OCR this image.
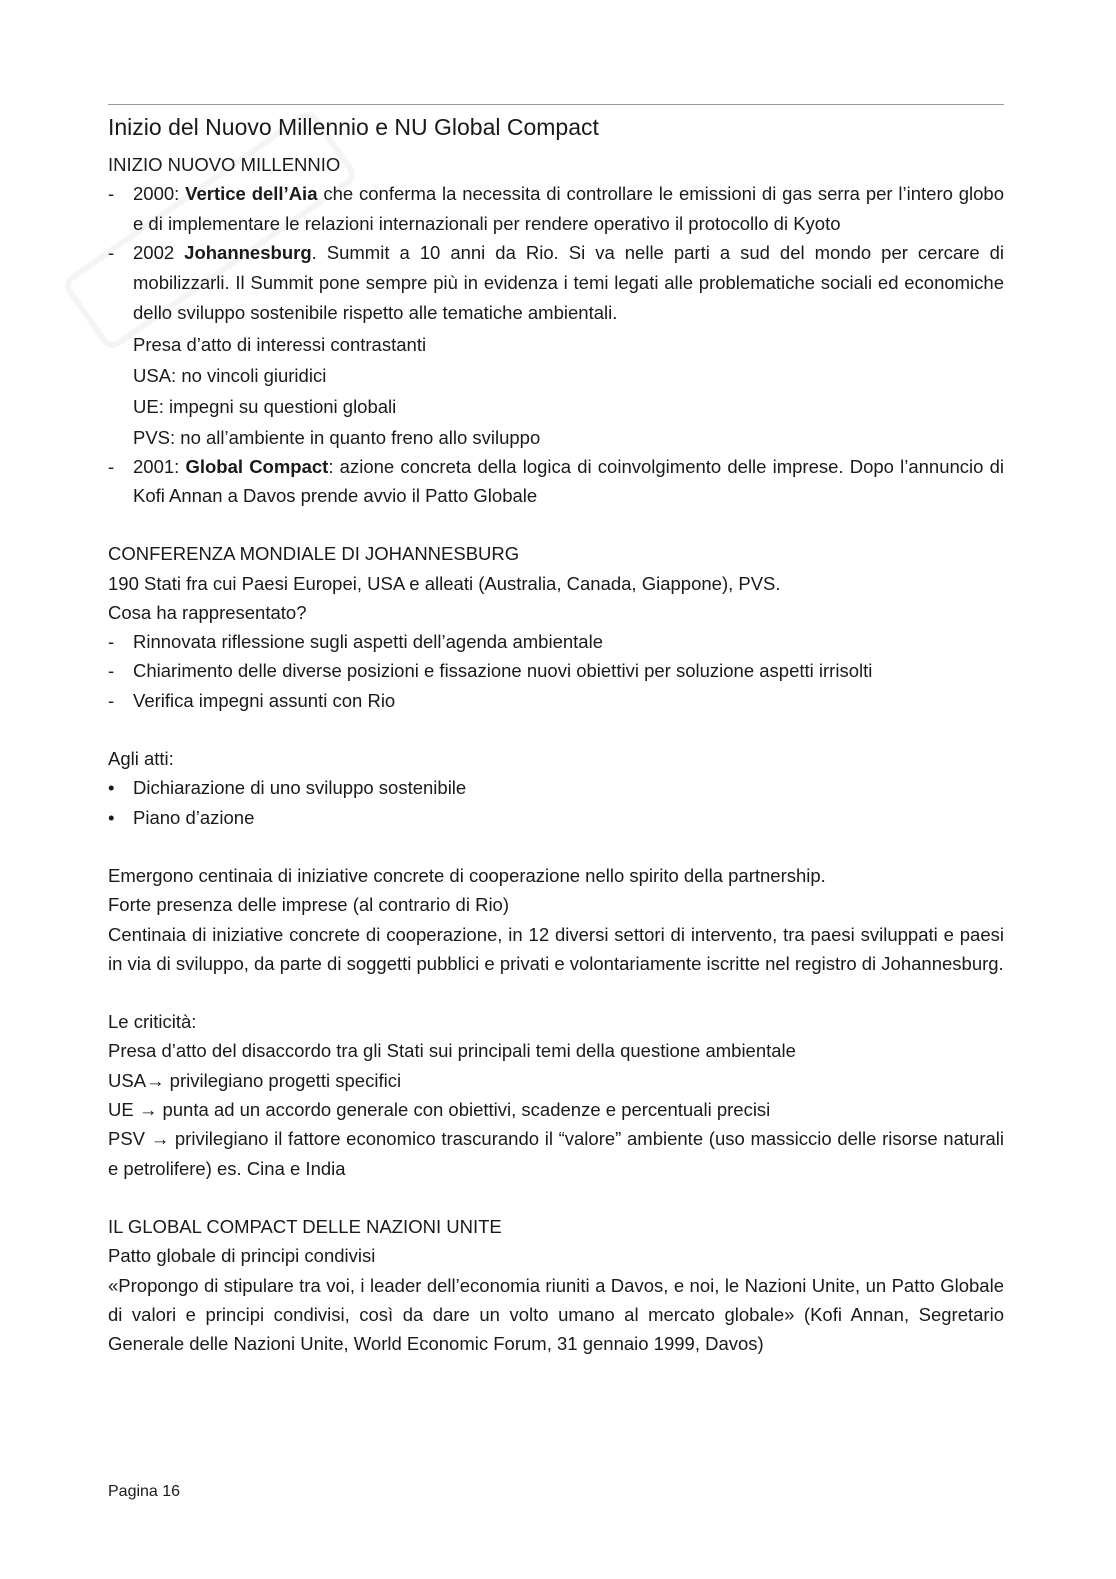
Inizio del Nuovo Millennio e NU Global Compact

INIZIO NUOVO MILLENNIO

- 2000: Vertice dell’Aia che conferma la necessita di controllare le emissioni di gas serra per l’intero globo e di implementare le relazioni internazionali per rendere operativo il protocollo di Kyoto
- 2002 Johannesburg. Summit a 10 anni da Rio. Si va nelle parti a sud del mondo per cercare di mobilizzarli. Il Summit pone sempre più in evidenza i temi legati alle problematiche sociali ed economiche dello sviluppo sostenibile rispetto alle tematiche ambientali.

Presa d’atto di interessi contrastanti

USA: no vincoli giuridici

UE: impegni su questioni globali

PVS: no all’ambiente in quanto freno allo sviluppo

- 2001: Global Compact: azione concreta della logica di coinvolgimento delle imprese. Dopo l’annuncio di Kofi Annan a Davos prende avvio il Patto Globale

CONFERENZA MONDIALE DI JOHANNESBURG

190 Stati fra cui Paesi Europei, USA e alleati (Australia, Canada, Giappone), PVS.

Cosa ha rappresentato?

- Rinnovata riflessione sugli aspetti dell’agenda ambientale
- Chiarimento delle diverse posizioni e fissazione nuovi obiettivi per soluzione aspetti irrisolti
- Verifica impegni assunti con Rio

Agli atti:

• Dichiarazione di uno sviluppo sostenibile
• Piano d’azione

Emergono centinaia di iniziative concrete di cooperazione nello spirito della partnership.

Forte presenza delle imprese (al contrario di Rio)

Centinaia di iniziative concrete di cooperazione, in 12 diversi settori di intervento, tra paesi sviluppati e paesi in via di sviluppo, da parte di soggetti pubblici e privati e volontariamente iscritte nel registro di Johannesburg.

Le criticità:

Presa d’atto del disaccordo tra gli Stati sui principali temi della questione ambientale

USA→ privilegiano progetti specifici

UE → punta ad un accordo generale con obiettivi, scadenze e percentuali precisi

PSV → privilegiano il fattore economico trascurando il “valore” ambiente (uso massiccio delle risorse naturali e petrolifere) es. Cina e India

IL GLOBAL COMPACT DELLE NAZIONI UNITE

Patto globale di principi condivisi

«Propongo di stipulare tra voi, i leader dell’economia riuniti a Davos, e noi, le Nazioni Unite, un Patto Globale di valori e principi condivisi, così da dare un volto umano al mercato globale» (Kofi Annan, Segretario Generale delle Nazioni Unite, World Economic Forum, 31 gennaio 1999, Davos)

Pagina 16
